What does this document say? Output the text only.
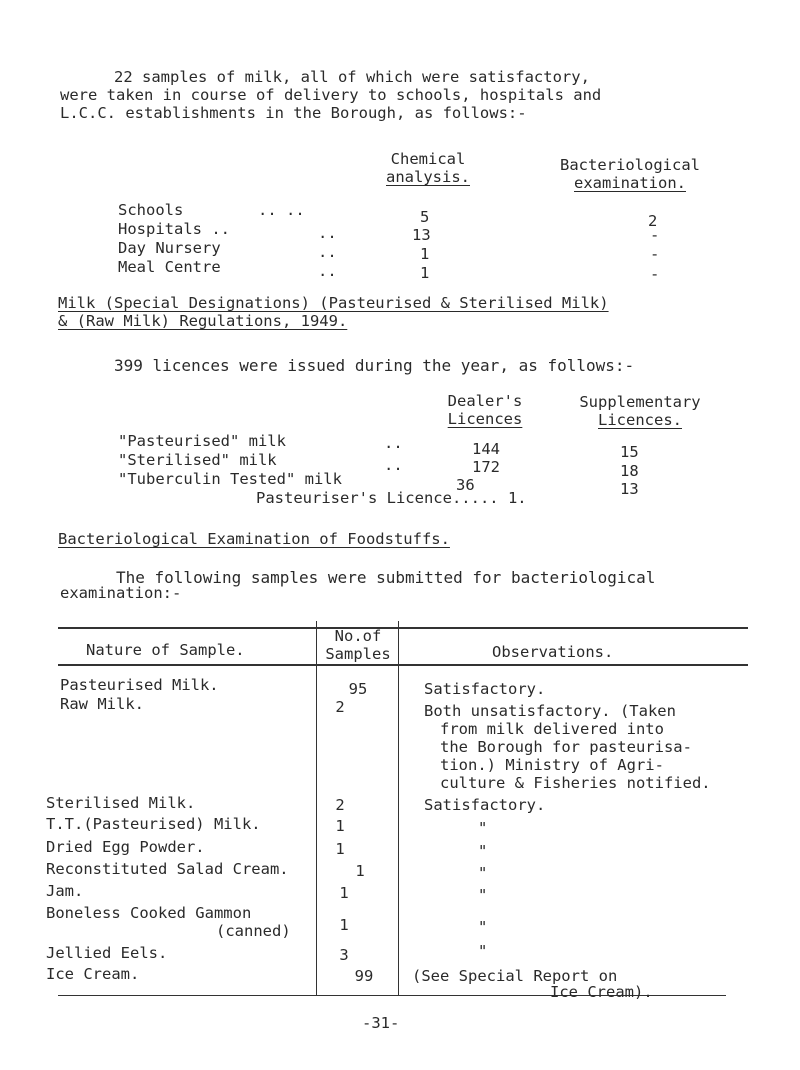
22 samples of milk, all of which were satisfactory,
were taken in course of delivery to schools, hospitals and
L.C.C. establishments in the Borough, as follows:-
Chemical
analysis.
Bacteriological
examination.
Schools	.. ..	5	2
Hospitals ..	..	13	-
Day Nursery	..	1	-
Meal Centre	..	1	-
Milk (Special Designations) (Pasteurised & Sterilised Milk)
& (Raw Milk) Regulations, 1949.
399 licences were issued during the year, as follows:-
Dealer's
Licences
Supplementary
Licences.
"Pasteurised" milk	..	144	15
"Sterilised" milk	..	172	18
"Tuberculin Tested" milk	36	13
Pasteuriser's Licence..... 1.
Bacteriological Examination of Foodstuffs.
The following samples were submitted for bacteriological
examination:-
Nature of Sample.
No.of
Samples	Observations.
Pasteurised Milk.	95	Satisfactory.
Raw Milk.	2	Both unsatisfactory. (Taken
from milk delivered into
the Borough for pasteurisa-
tion.) Ministry of Agri-
culture & Fisheries notified.
Sterilised Milk.	2	Satisfactory.
T.T.(Pasteurised) Milk.	1	"
Dried Egg Powder.	1	"
Reconstituted Salad Cream.	1	"
Jam.	1	"
Boneless Cooked Gammon
(canned)	1	"
Jellied Eels.	3	"
Ice Cream.	99	(See Special Report on
Ice Cream).
-31-
